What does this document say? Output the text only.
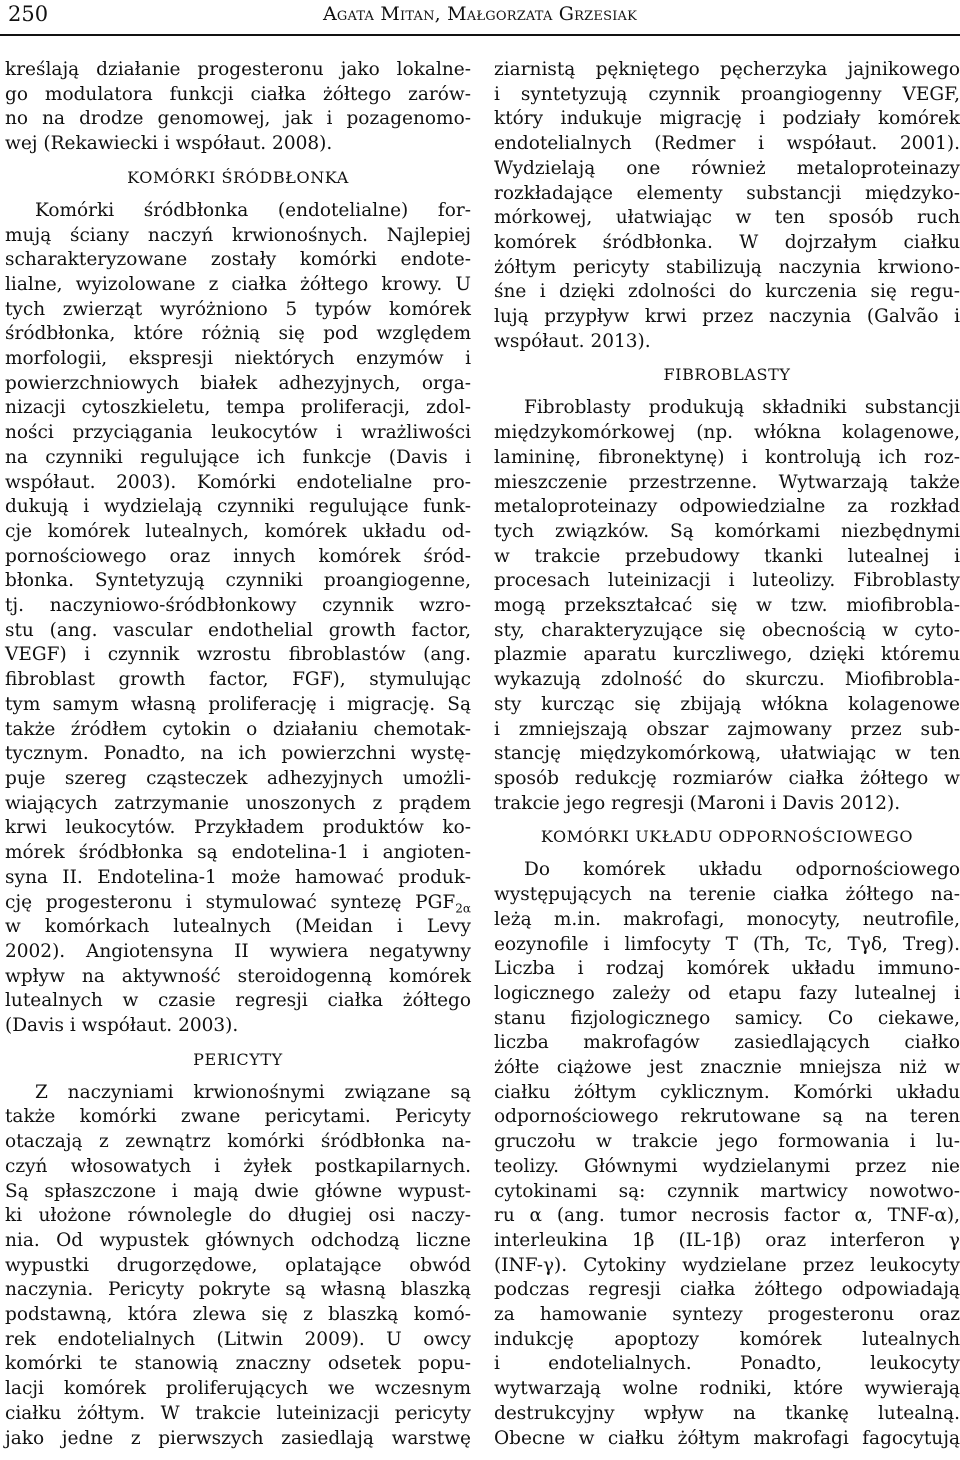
250	Agata Mitan, Małgorzata Grzesiak
kreślają działanie progesteronu jako lokalne-
go modulatora funkcji ciałka żółtego zarów-
no na drodze genomowej, jak i pozagenomo-
wej (Rekawiecki i współaut. 2008).
KOMÓRKI ŚRÓDBŁONKA
Komórki śródbłonka (endotelialne) for-
mują ściany naczyń krwionośnych. Najlepiej
scharakteryzowane zostały komórki endote-
lialne, wyizolowane z ciałka żółtego krowy. U
tych zwierząt wyróżniono 5 typów komórek
śródbłonka, które różnią się pod względem
morfologii, ekspresji niektórych enzymów i
powierzchniowych białek adhezyjnych, orga-
nizacji cytoszkieletu, tempa proliferacji, zdol-
ności przyciągania leukocytów i wrażliwości
na czynniki regulujące ich funkcje (Davis i
współaut. 2003). Komórki endotelialne pro-
dukują i wydzielają czynniki regulujące funk-
cje komórek lutealnych, komórek układu od-
pornościowego oraz innych komórek śród-
błonka. Syntetyzują czynniki proangiogenne,
tj. naczyniowo-śródbłonkowy czynnik wzro-
stu (ang. vascular endothelial growth factor,
VEGF) i czynnik wzrostu fibroblastów (ang.
fibroblast growth factor, FGF), stymulując
tym samym własną proliferację i migrację. Są
także źródłem cytokin o działaniu chemotak-
tycznym. Ponadto, na ich powierzchni wystę-
puje szereg cząsteczek adhezyjnych umożli-
wiających zatrzymanie unoszonych z prądem
krwi leukocytów. Przykładem produktów ko-
mórek śródbłonka są endotelina-1 i angioten-
syna II. Endotelina-1 może hamować produk-
cję progesteronu i stymulować syntezę $PGF_{2\alpha}$
w komórkach lutealnych (Meidan i Levy
2002). Angiotensyna II wywiera negatywny
wpływ na aktywność steroidogenną komórek
lutealnych w czasie regresji ciałka żółtego
(Davis i współaut. 2003).
PERICYTY
Z naczyniami krwionośnymi związane są
także komórki zwane pericytami. Pericyty
otaczają z zewnątrz komórki śródbłonka na-
czyń włosowatych i żyłek postkapilarnych.
Są spłaszczone i mają dwie główne wypust-
ki ułożone równolegle do długiej osi naczy-
nia. Od wypustek głównych odchodzą liczne
wypustki drugorzędowe, oplatające obwód
naczynia. Pericyty pokryte są własną blaszką
podstawną, która zlewa się z blaszką komó-
rek endotelialnych (Litwin 2009). U owcy
komórki te stanowią znaczny odsetek popu-
lacji komórek proliferujących we wczesnym
ciałku żółtym. W trakcie luteinizacji pericyty
jako jedne z pierwszych zasiedlają warstwę
ziarnistą pękniętego pęcherzyka jajnikowego
i syntetyzują czynnik proangiogenny VEGF,
który indukuje migrację i podziały komórek
endotelialnych (Redmer i współaut. 2001).
Wydzielają one również metaloproteinazy
rozkładające elementy substancji międzyko-
mórkowej, ułatwiając w ten sposób ruch
komórek śródbłonka. W dojrzałym ciałku
żółtym pericyty stabilizują naczynia krwiono-
śne i dzięki zdolności do kurczenia się regu-
lują przypływ krwi przez naczynia (Galvão i
współaut. 2013).
FIBROBLASTY
Fibroblasty produkują składniki substancji
międzykomórkowej (np. włókna kolagenowe,
lamininę, fibronektynę) i kontrolują ich roz-
mieszczenie przestrzenne. Wytwarzają także
metaloproteinazy odpowiedzialne za rozkład
tych związków. Są komórkami niezbędnymi
w trakcie przebudowy tkanki lutealnej i
procesach luteinizacji i luteolizy. Fibroblasty
mogą przekształcać się w tzw. miofibrobla-
sty, charakteryzujące się obecnością w cyto-
plazmie aparatu kurczliwego, dzięki któremu
wykazują zdolność do skurczu. Miofibrobla-
sty kurcząc się zbijają włókna kolagenowe
i zmniejszają obszar zajmowany przez sub-
stancję międzykomórkową, ułatwiając w ten
sposób redukcję rozmiarów ciałka żółtego w
trakcie jego regresji (Maroni i Davis 2012).
KOMÓRKI UKŁADU ODPORNOŚCIOWEGO
Do komórek układu odpornościowego
występujących na terenie ciałka żółtego na-
leżą m.in. makrofagi, monocyty, neutrofile,
eozynofile i limfocyty T (Th, Tc, Tγδ, Treg).
Liczba i rodzaj komórek układu immuno-
logicznego zależy od etapu fazy lutealnej i
stanu fizjologicznego samicy. Co ciekawe,
liczba makrofagów zasiedlających ciałko
żółte ciążowe jest znacznie mniejsza niż w
ciałku żółtym cyklicznym. Komórki układu
odpornościowego rekrutowane są na teren
gruczołu w trakcie jego formowania i lu-
teolizy. Głównymi wydzielanymi przez nie
cytokinami są: czynnik martwicy nowotwo-
ru α (ang. tumor necrosis factor α, TNF-α),
interleukina 1β (IL-1β) oraz interferon γ
(INF-γ). Cytokiny wydzielane przez leukocyty
podczas regresji ciałka żółtego odpowiadają
za hamowanie syntezy progesteronu oraz
indukcję apoptozy komórek lutealnych
i endotelialnych. Ponadto, leukocyty
wytwarzają wolne rodniki, które wywierają
destrukcyjny wpływ na tkankę lutealną.
Obecne w ciałku żółtym makrofagi fagocytują
